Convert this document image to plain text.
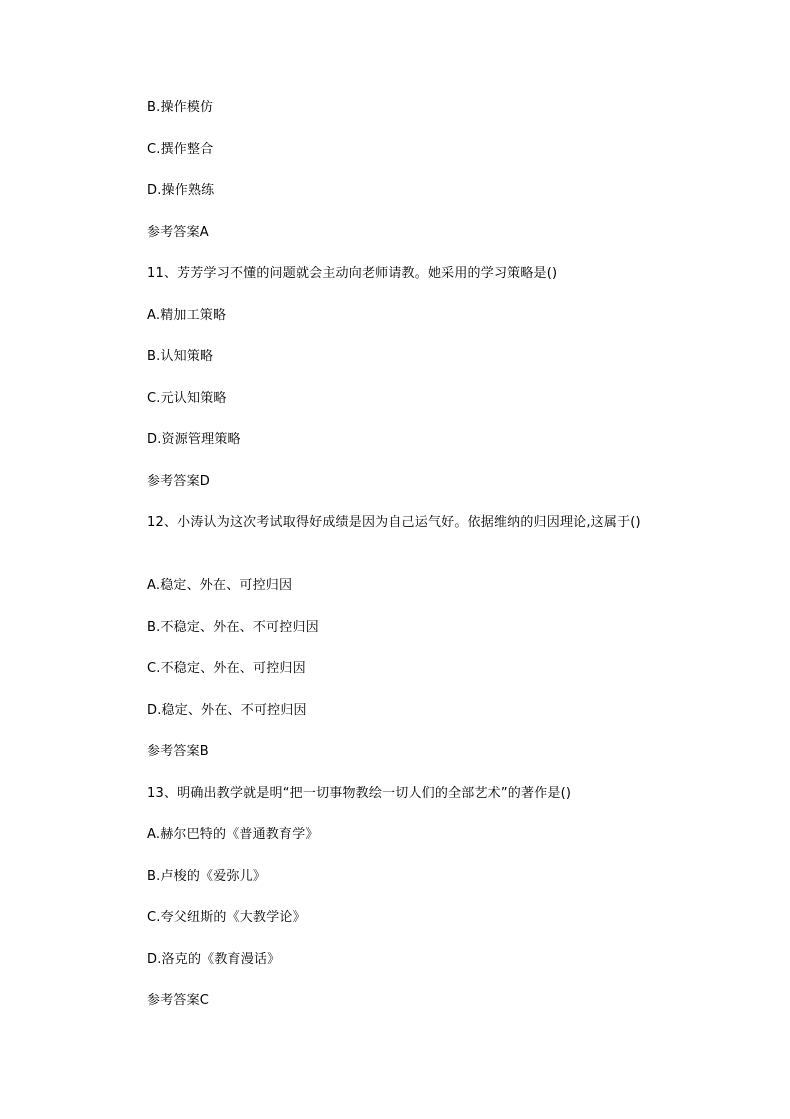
B.操作模仿
C.撰作整合
D.操作熟练
参考答案A
11、芳芳学习不懂的问题就会主动向老师请教。她采用的学习策略是()
A.精加工策略
B.认知策略
C.元认知策略
D.资源管理策略
参考答案D
12、小涛认为这次考试取得好成绩是因为自己运气好。依据维纳的归因理论,这属于()
A.稳定、外在、可控归因
B.不稳定、外在、不可控归因
C.不稳定、外在、可控归因
D.稳定、外在、不可控归因
参考答案B
13、明确出教学就是明“把一切事物教绘一切人们的全部艺术”的著作是()
A.赫尔巴特的《普通教育学》
B.卢梭的《爱弥儿》
C.夸父纽斯的《大教学论》
D.洛克的《教育漫话》
参考答案C
